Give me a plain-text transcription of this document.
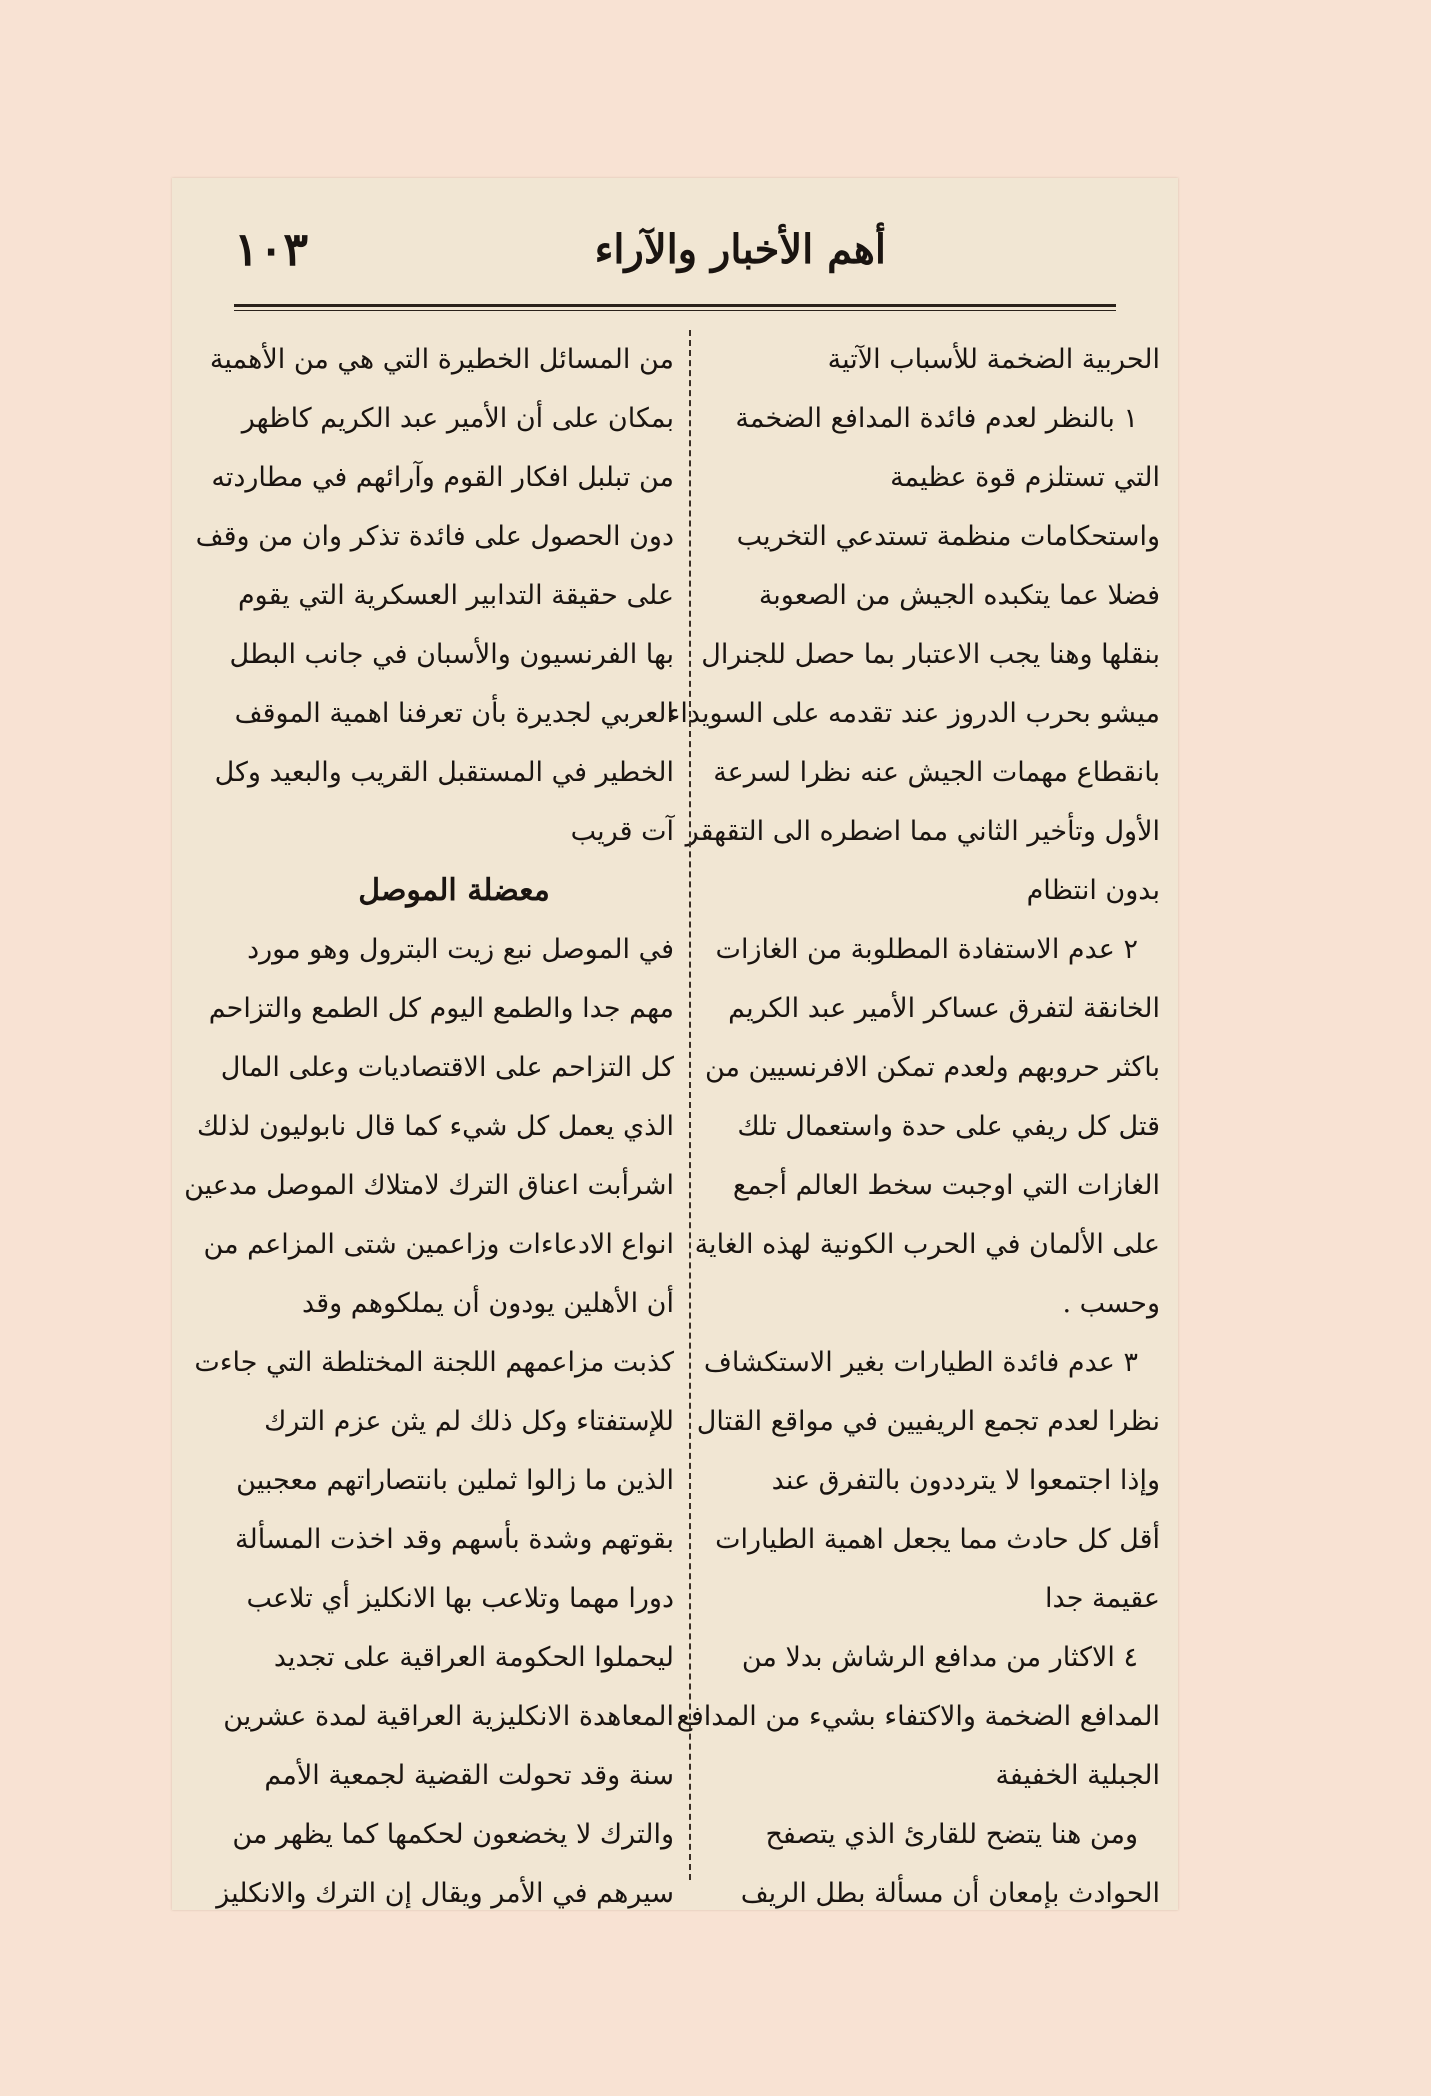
أهم الأخبار والآراء
١٠٣
الحربية الضخمة للأسباب الآتية
١ بالنظر لعدم فائدة المدافع الضخمة
التي تستلزم قوة عظيمة
واستحكامات منظمة تستدعي التخريب
فضلا عما يتكبده الجيش من الصعوبة
بنقلها وهنا يجب الاعتبار بما حصل للجنرال
ميشو بحرب الدروز عند تقدمه على السويداء
بانقطاع مهمات الجيش عنه نظرا لسرعة
الأول وتأخير الثاني مما اضطره الى التقهقر
بدون انتظام
٢ عدم الاستفادة المطلوبة من الغازات
الخانقة لتفرق عساكر الأمير عبد الكريم
باكثر حروبهم ولعدم تمكن الافرنسيين من
قتل كل ريفي على حدة واستعمال تلك
الغازات التي اوجبت سخط العالم أجمع
على الألمان في الحرب الكونية لهذه الغاية
وحسب .
٣ عدم فائدة الطيارات بغير الاستكشاف
نظرا لعدم تجمع الريفيين في مواقع القتال
وإذا اجتمعوا لا يترددون بالتفرق عند
أقل كل حادث مما يجعل اهمية الطيارات
عقيمة جدا
٤ الاكثار من مدافع الرشاش بدلا من
المدافع الضخمة والاكتفاء بشيء من المدافع
الجبلية الخفيفة
ومن هنا يتضح للقارئ الذي يتصفح
الحوادث بإمعان أن مسألة بطل الريف
من المسائل الخطيرة التي هي من الأهمية
بمكان على أن الأمير عبد الكريم كاظهر
من تبلبل افكار القوم وآرائهم في مطاردته
دون الحصول على فائدة تذكر وان من وقف
على حقيقة التدابير العسكرية التي يقوم
بها الفرنسيون والأسبان في جانب البطل
العربي لجديرة بأن تعرفنا اهمية الموقف
الخطير في المستقبل القريب والبعيد وكل
آت قريب
معضلة الموصل
في الموصل نبع زيت البترول وهو مورد
مهم جدا والطمع اليوم كل الطمع والتزاحم
كل التزاحم على الاقتصاديات وعلى المال
الذي يعمل كل شيء كما قال نابوليون لذلك
اشرأبت اعناق الترك لامتلاك الموصل مدعين
انواع الادعاءات وزاعمين شتى المزاعم من
أن الأهلين يودون أن يملكوهم وقد
كذبت مزاعمهم اللجنة المختلطة التي جاءت
للإستفتاء وكل ذلك لم يثن عزم الترك
الذين ما زالوا ثملين بانتصاراتهم معجبين
بقوتهم وشدة بأسهم وقد اخذت المسألة
دورا مهما وتلاعب بها الانكليز أي تلاعب
ليحملوا الحكومة العراقية على تجديد
المعاهدة الانكليزية العراقية لمدة عشرين
سنة وقد تحولت القضية لجمعية الأمم
والترك لا يخضعون لحكمها كما يظهر من
سيرهم في الأمر ويقال إن الترك والانكليز
